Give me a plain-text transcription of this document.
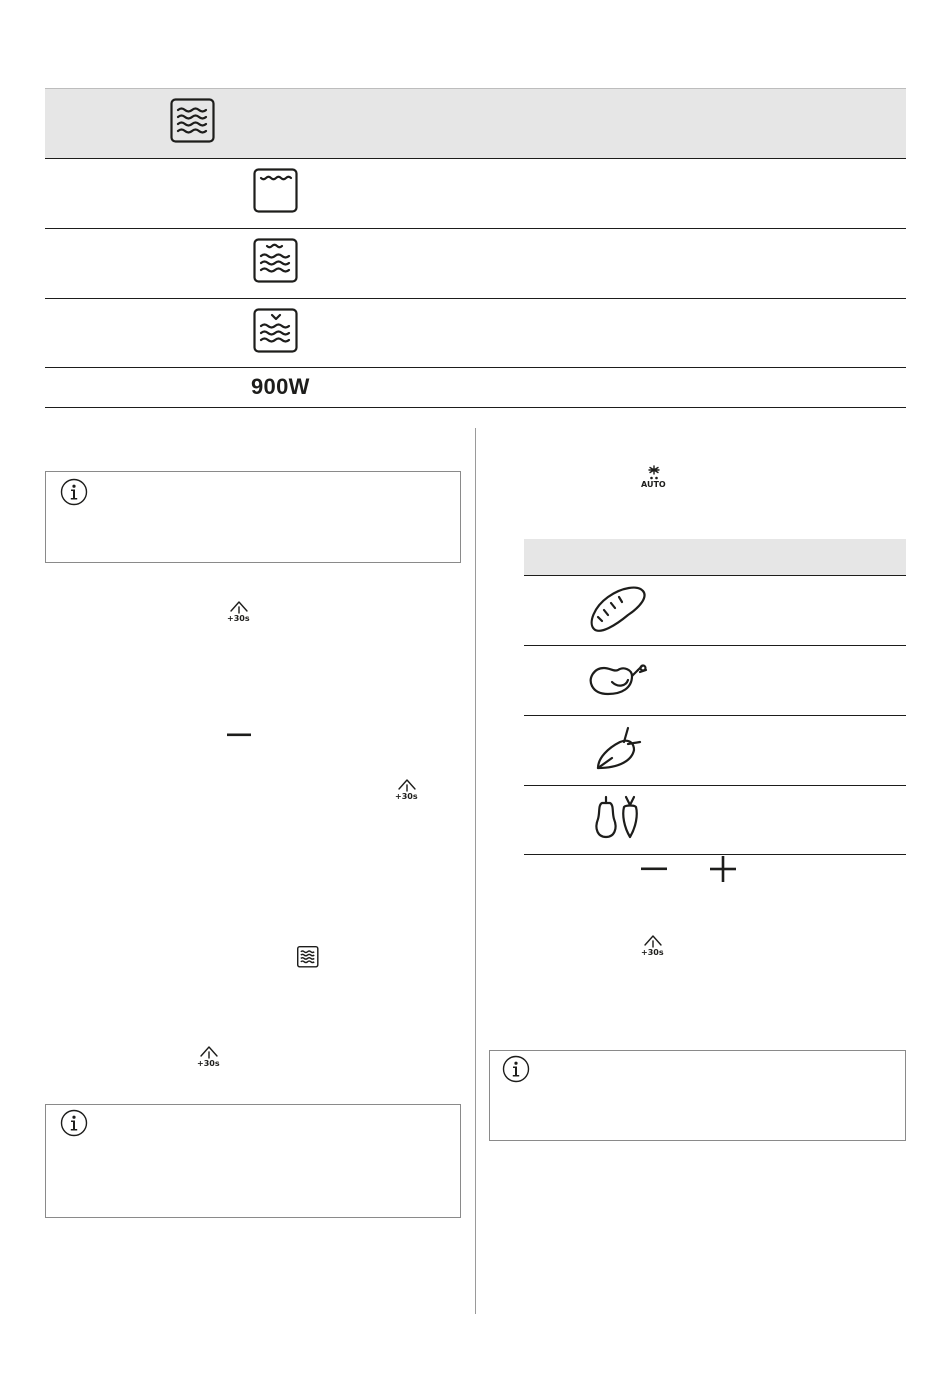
900W
+30s
+30s
+30s
AUTO
+30s
